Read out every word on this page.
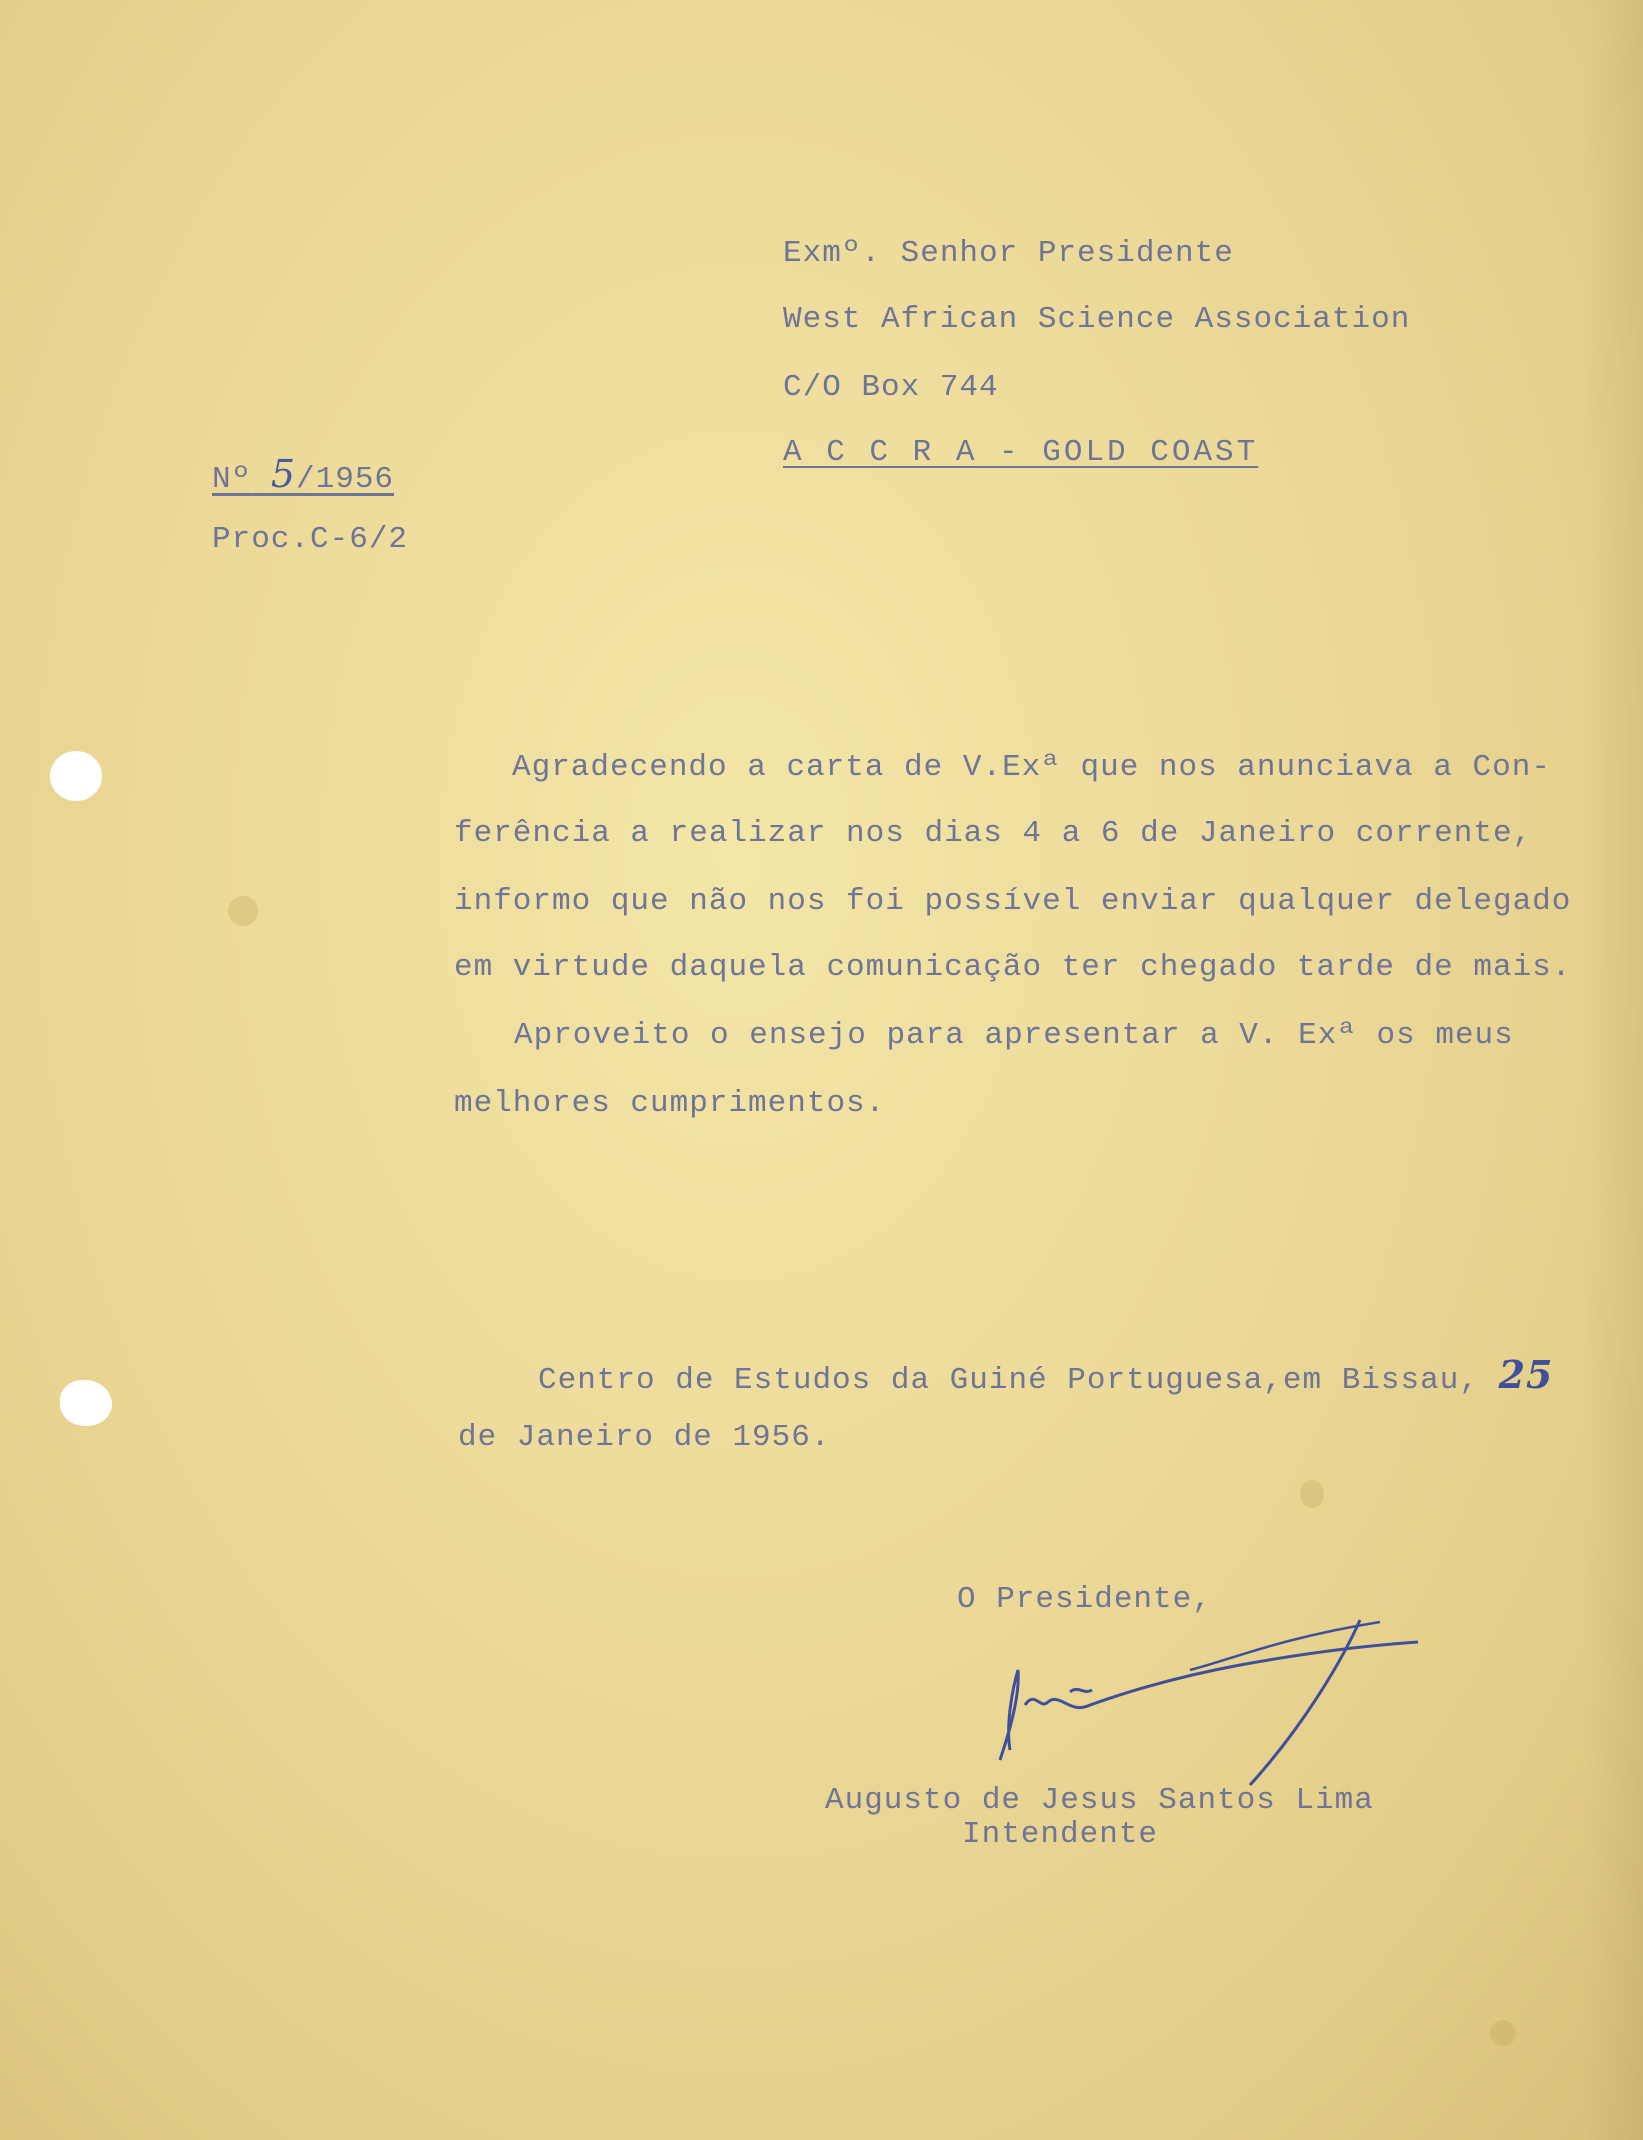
Exmº. Senhor Presidente
West African Science Association
C/O Box 744
A C C R A - GOLD COAST
Nº 5/1956
Proc.C-6/2
Agradecendo a carta de V.Exª que nos anunciava a Con-
ferência a realizar nos dias 4 a 6 de Janeiro corrente,
informo que não nos foi possível enviar qualquer delegado
em virtude daquela comunicação ter chegado tarde de mais.
Aproveito o ensejo para apresentar a V. Exª os meus
melhores cumprimentos.
Centro de Estudos da Guiné Portuguesa,em Bissau, 25
de Janeiro de 1956.
O Presidente,
Augusto de Jesus Santos Lima
Intendente
